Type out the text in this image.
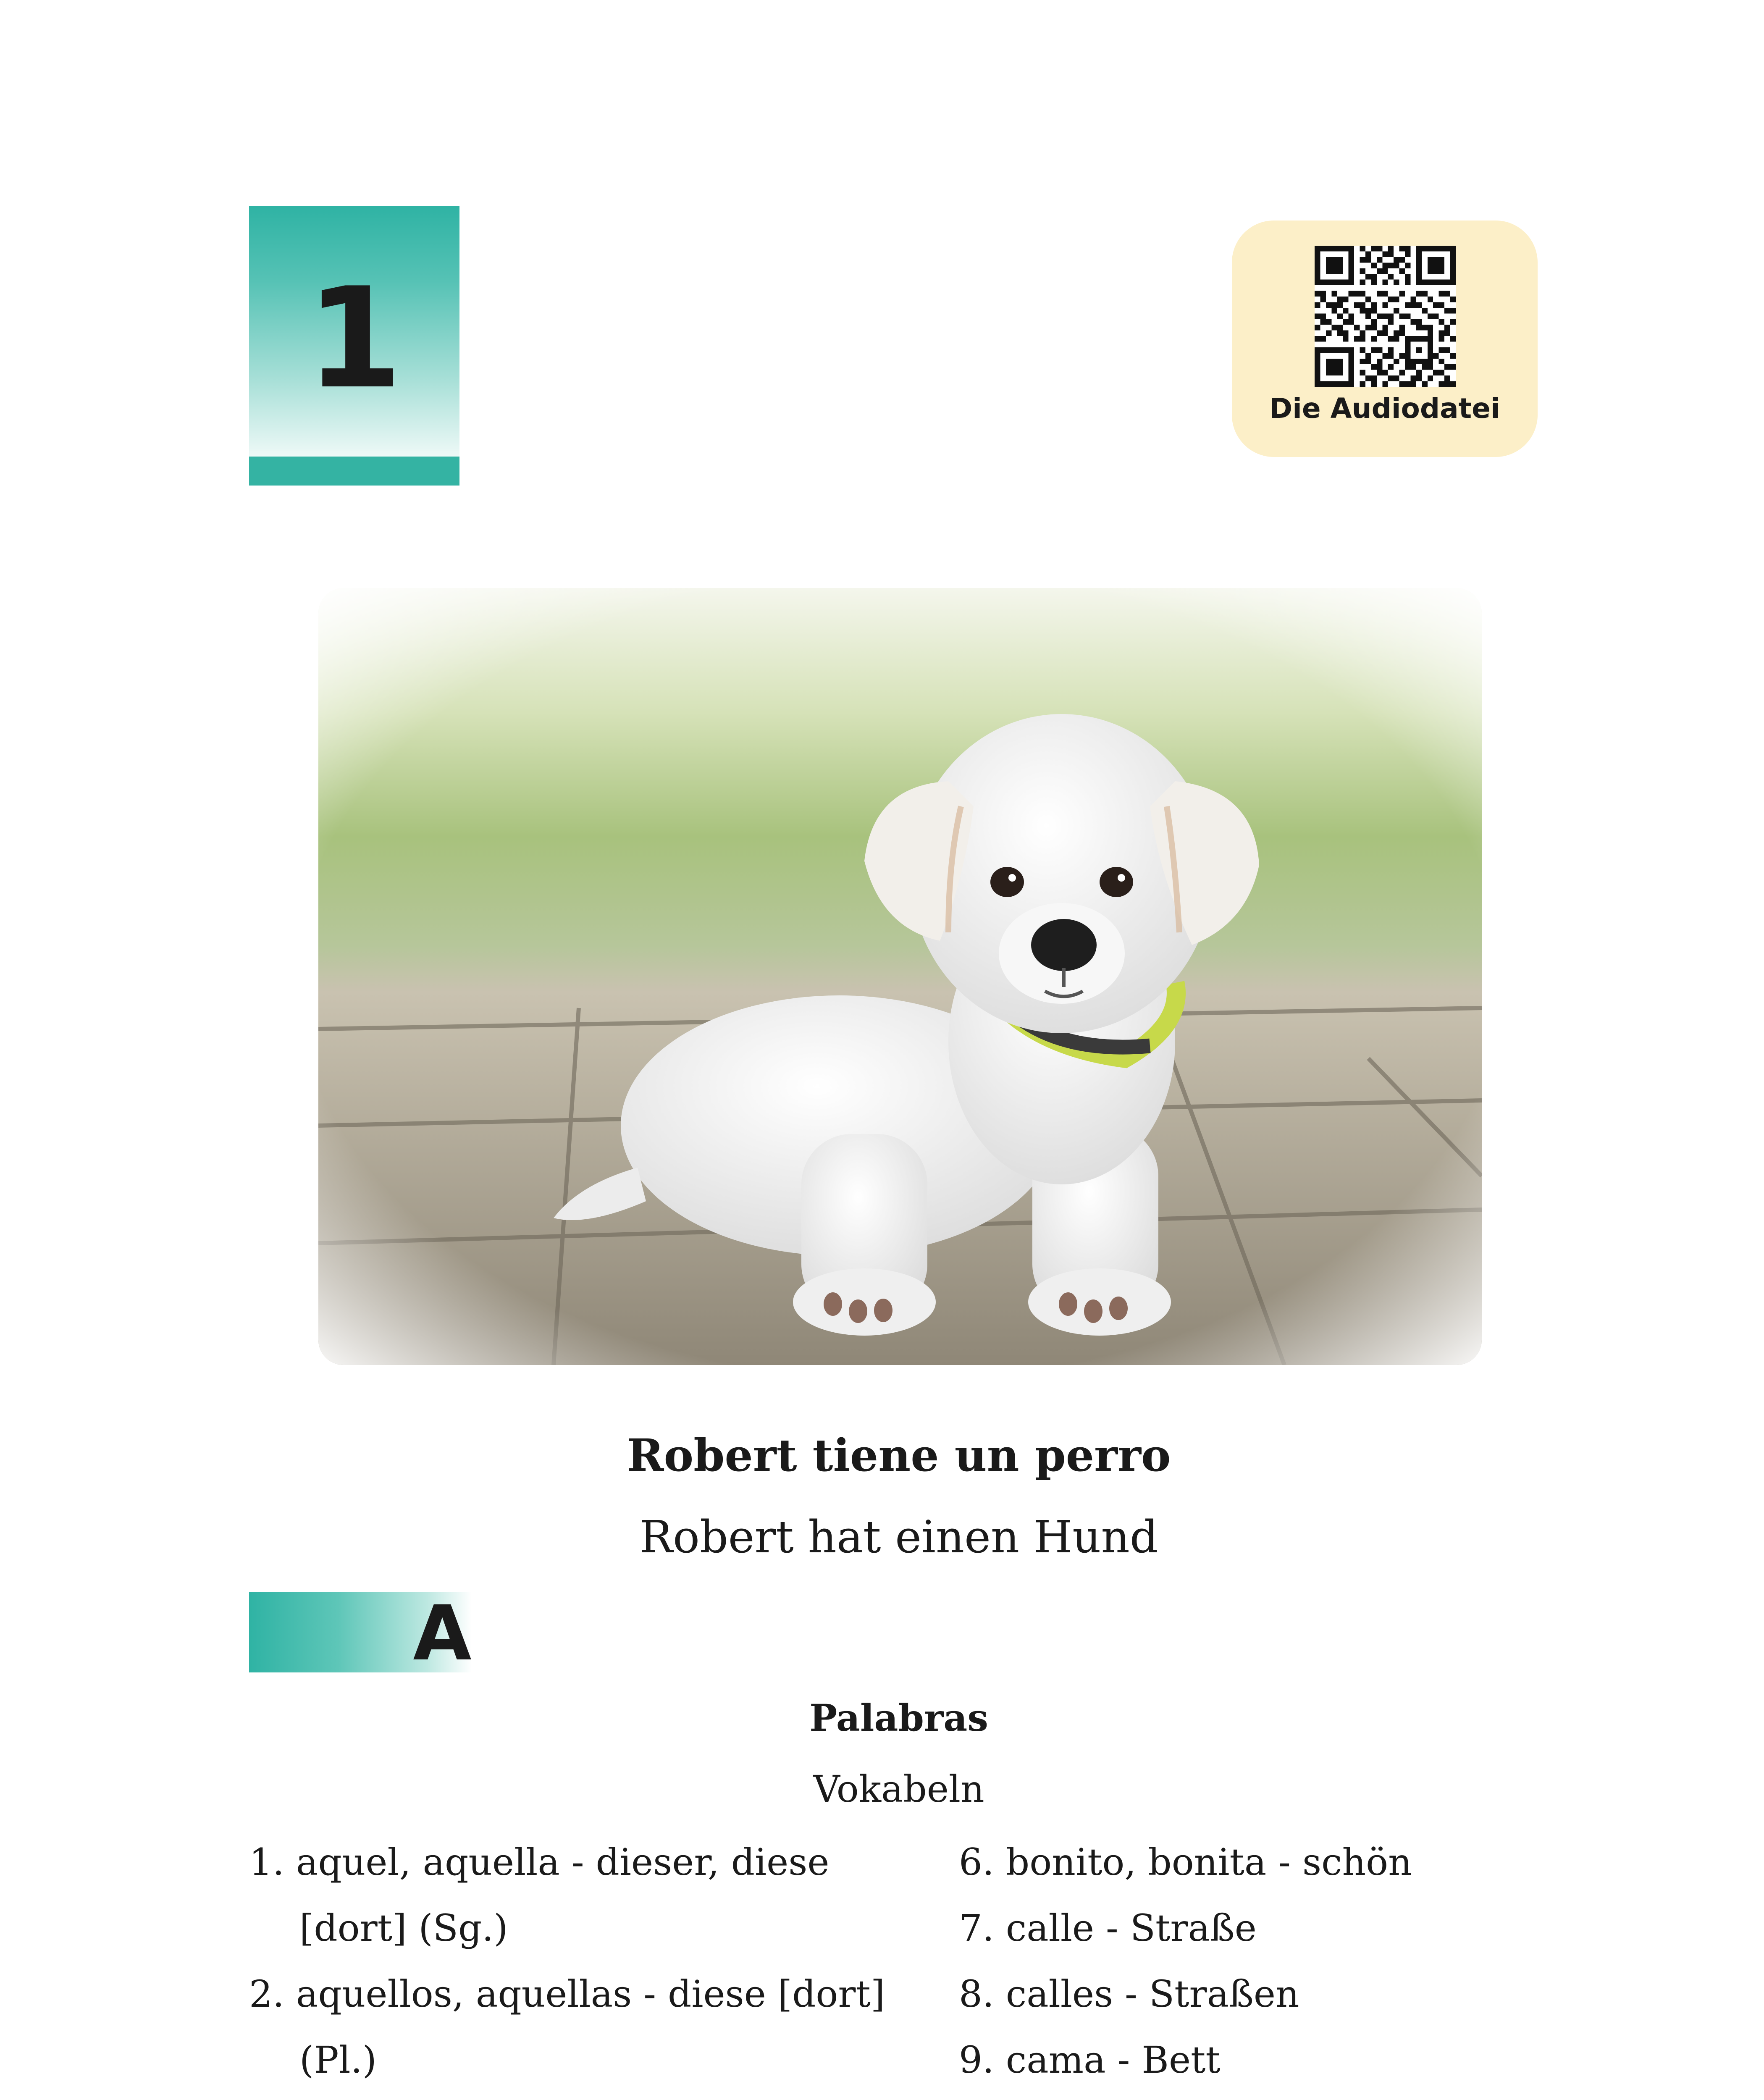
1	Die Audiodatei
Robert tiene un perro
Robert hat einen Hund
A
Palabras
Vokabeln
1. aquel, aquella - dieser, diese [dort] (Sg.)
2. aquellos, aquellas - diese [dort] (Pl.)
6. bonito, bonita - schön
7. calle - Straße
8. calles - Straßen
9. cama - Bett
